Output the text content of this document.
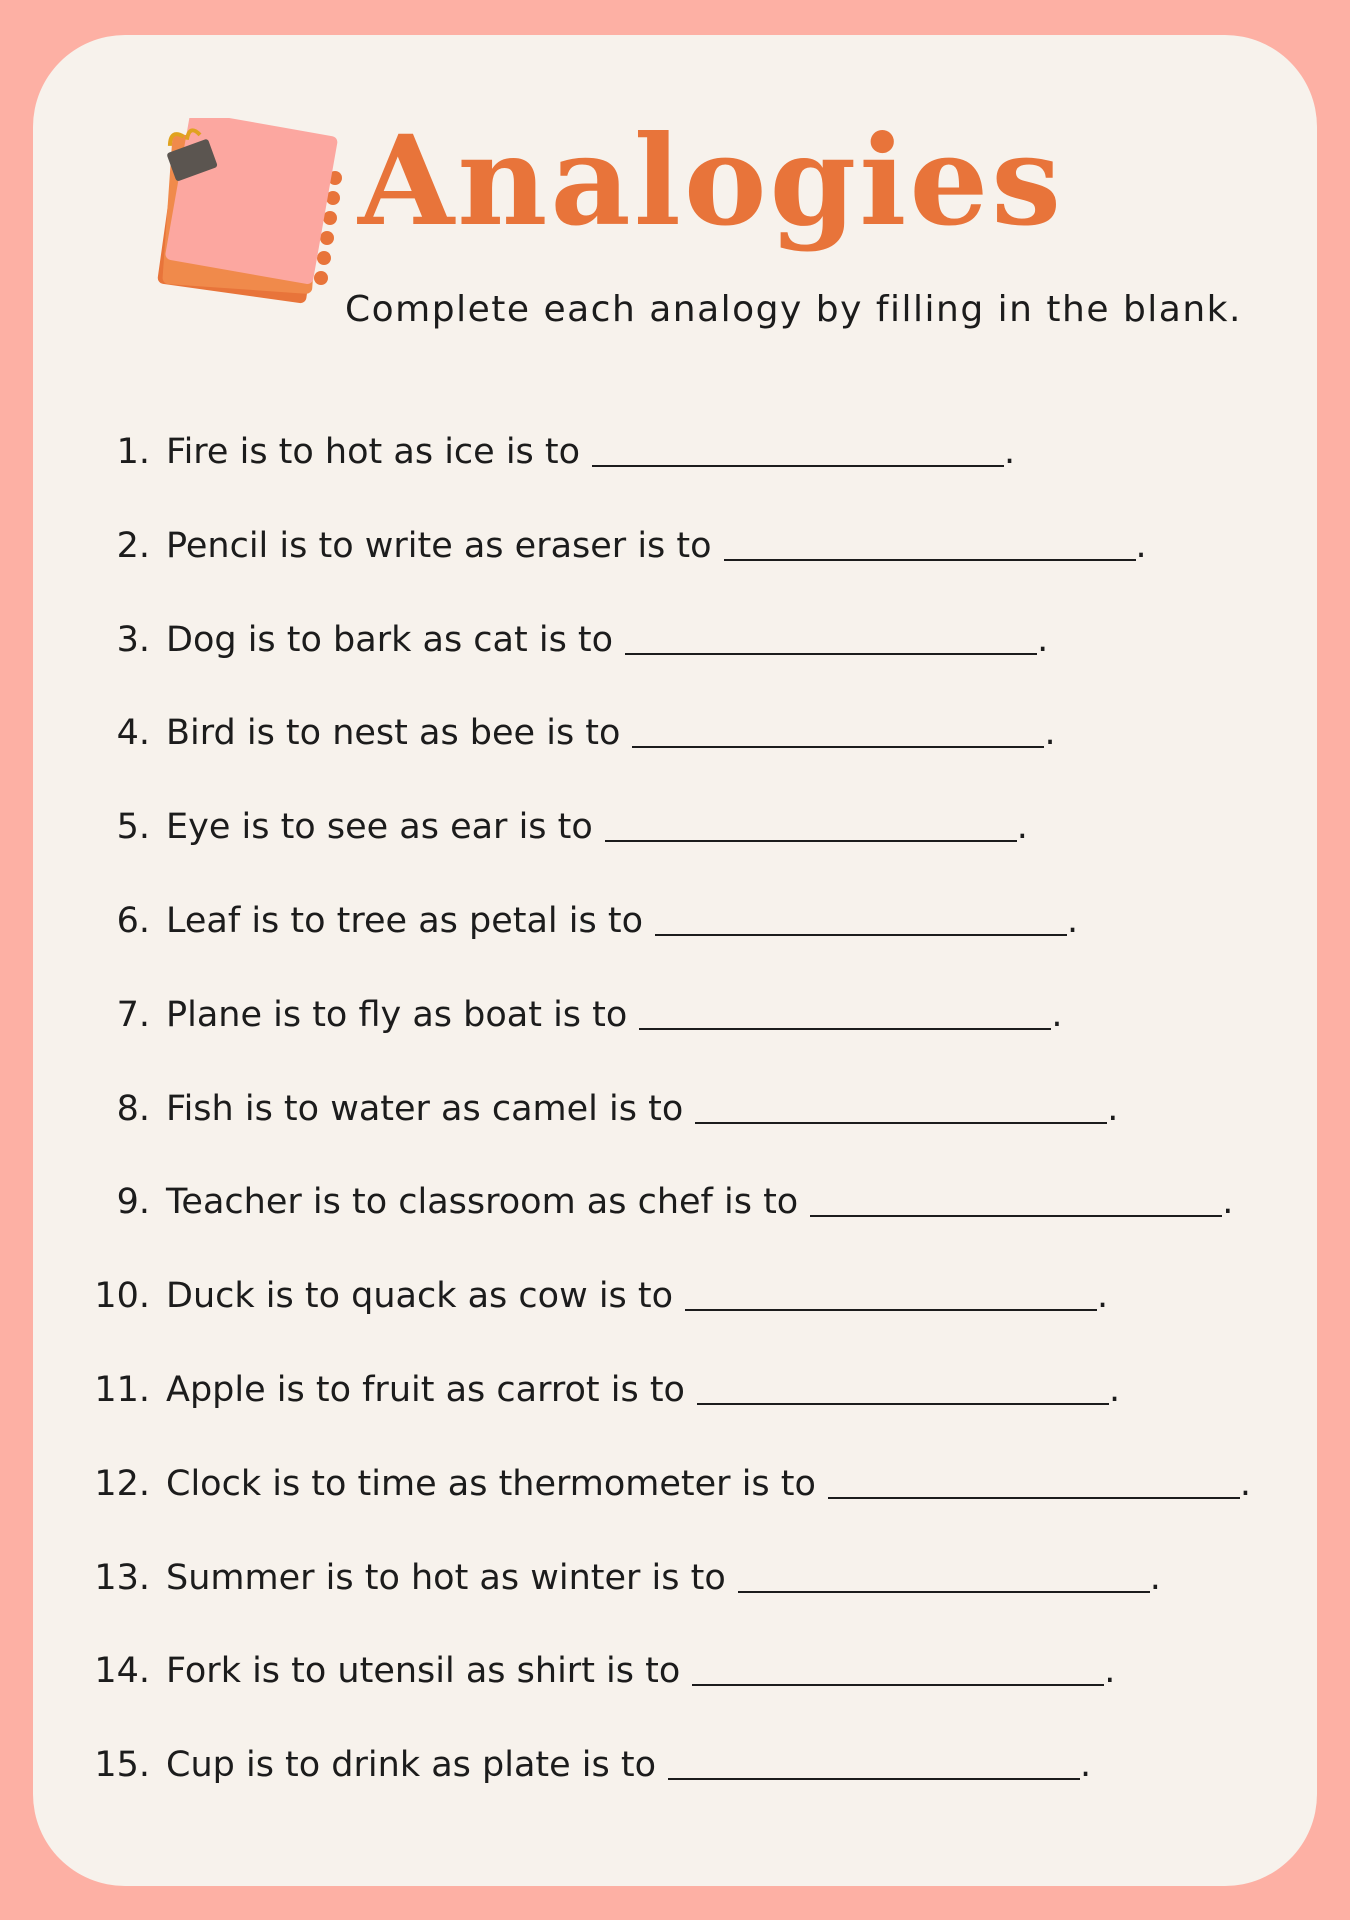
Analogies

Complete each analogy by filling in the blank.

1. Fire is to hot as ice is to	.
2. Pencil is to write as eraser is to	.
3. Dog is to bark as cat is to	.
4. Bird is to nest as bee is to	.
5. Eye is to see as ear is to	.
6. Leaf is to tree as petal is to	.
7. Plane is to fly as boat is to	.
8. Fish is to water as camel is to	.
9. Teacher is to classroom as chef is to	.
10. Duck is to quack as cow is to	.
11. Apple is to fruit as carrot is to	.
12. Clock is to time as thermometer is to	.
13. Summer is to hot as winter is to	.
14. Fork is to utensil as shirt is to	.
15. Cup is to drink as plate is to	.
